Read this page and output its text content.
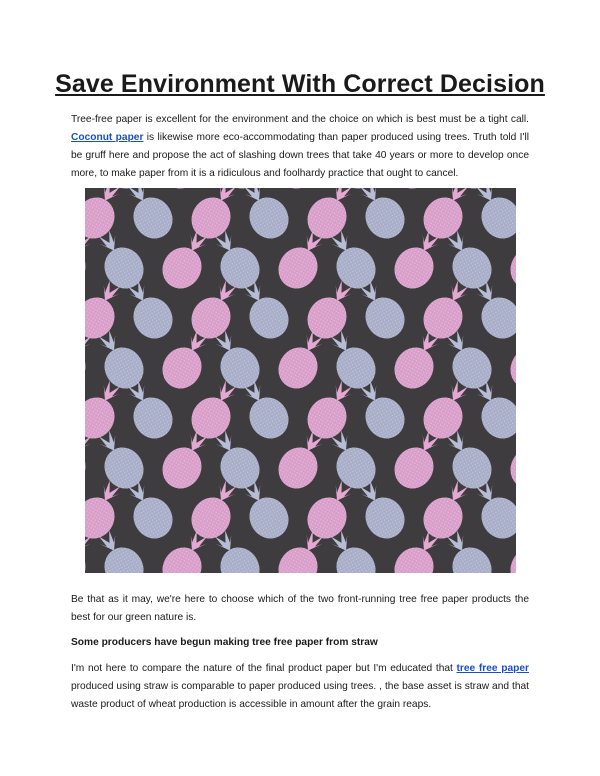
Save Environment With Correct Decision

Tree-free paper is excellent for the environment and the choice on which is best must be a tight call. Coconut paper is likewise more eco-accommodating than paper produced using trees. Truth told I'll be gruff here and propose the act of slashing down trees that take 40 years or more to develop once more, to make paper from it is a ridiculous and foolhardy practice that ought to cancel.

Be that as it may, we're here to choose which of the two front-running tree free paper products the best for our green nature is.

Some producers have begun making tree free paper from straw

I'm not here to compare the nature of the final product paper but I'm educated that tree free paper produced using straw is comparable to paper produced using trees. , the base asset is straw and that waste product of wheat production is accessible in amount after the grain reaps.
